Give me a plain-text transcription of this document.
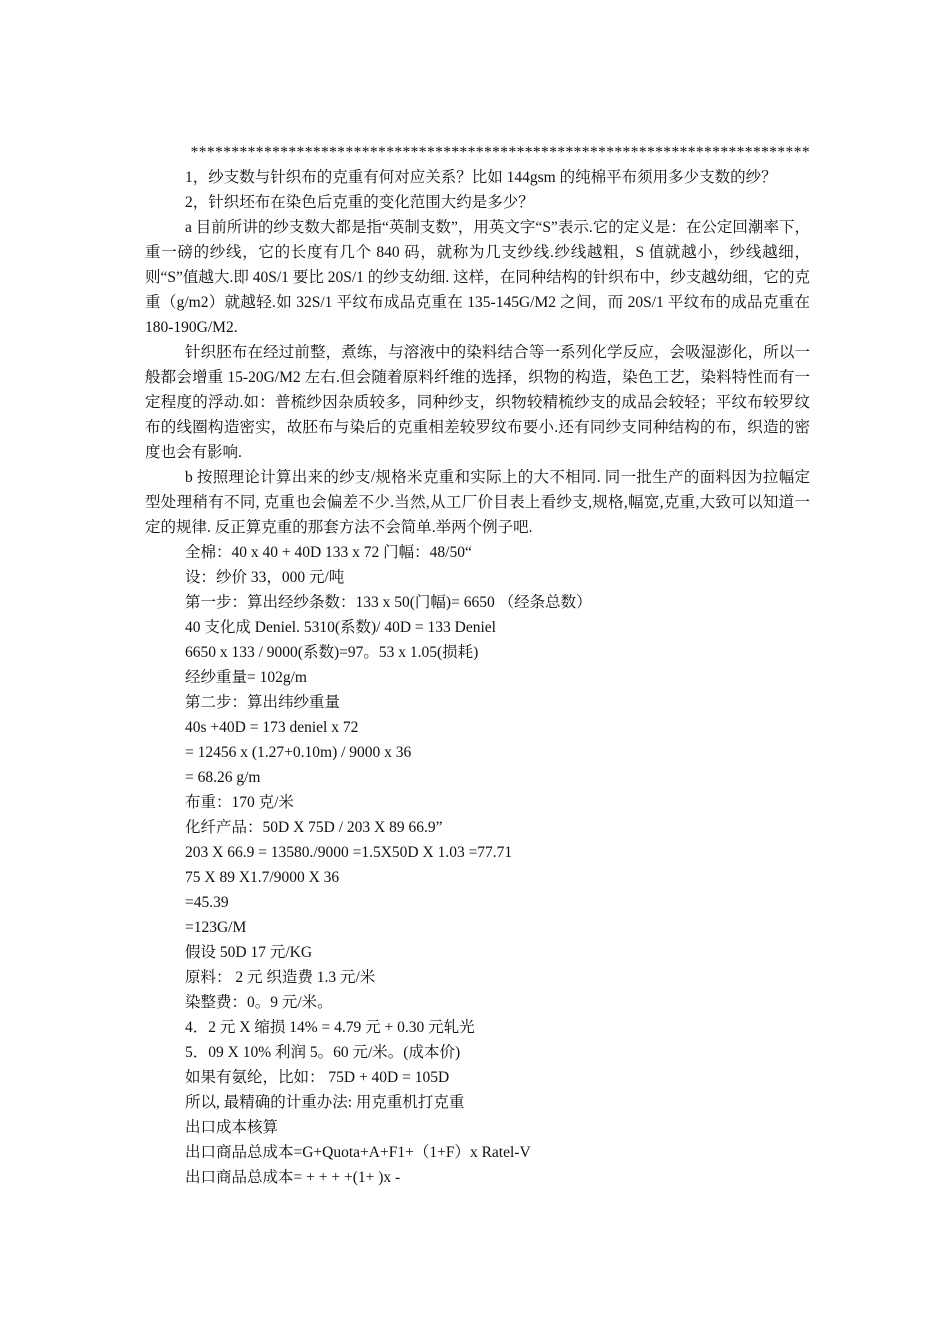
****************************************************************************

1，纱支数与针织布的克重有何对应关系？比如 144gsm 的纯棉平布须用多少支数的纱？

2，针织坯布在染色后克重的变化范围大约是多少？

a 目前所讲的纱支数大都是指“英制支数”，用英文字“S”表示.它的定义是：在公定回潮率下，重一磅的纱线，它的长度有几个 840 码，就称为几支纱线.纱线越粗，S 值就越小，纱线越细，则“S”值越大.即 40S/1 要比 20S/1 的纱支幼细. 这样，在同种结构的针织布中，纱支越幼细，它的克重（g/m2）就越轻.如 32S/1 平纹布成品克重在 135-145G/M2 之间，而 20S/1 平纹布的成品克重在 180-190G/M2.

针织胚布在经过前整，煮练，与溶液中的染料结合等一系列化学反应，会吸湿澎化，所以一般都会增重 15-20G/M2 左右.但会随着原料纤维的选择，织物的构造，染色工艺，染料特性而有一定程度的浮动.如：普梳纱因杂质较多，同种纱支，织物较精梳纱支的成品会较轻；平纹布较罗纹布的线圈构造密实，故胚布与染后的克重相差较罗纹布要小.还有同纱支同种结构的布，织造的密度也会有影响.

b 按照理论计算出来的纱支/规格米克重和实际上的大不相同. 同一批生产的面料因为拉幅定型处理稍有不同, 克重也会偏差不少.当然,从工厂价目表上看纱支,规格,幅宽,克重,大致可以知道一定的规律. 反正算克重的那套方法不会简单.举两个例子吧.

全棉：40 x 40 + 40D 133 x 72 门幅：48/50“
设：纱价 33，000 元/吨
第一步：算出经纱条数：133 x 50(门幅)= 6650 （经条总数）
40 支化成 Deniel. 5310(系数)/ 40D = 133 Deniel
6650 x 133 / 9000(系数)=97。53 x 1.05(损耗)
经纱重量= 102g/m
第二步：算出纬纱重量
40s +40D = 173 deniel x 72
= 12456 x (1.27+0.10m) / 9000 x 36
= 68.26 g/m
布重：170 克/米
化纤产品：50D X 75D / 203 X 89 66.9”
203 X 66.9 = 13580./9000 =1.5X50D X 1.03 =77.71
75 X 89 X1.7/9000 X 36
=45.39
=123G/M
假设 50D 17 元/KG
原料： 2 元 织造费 1.3 元/米
染整费：0。9 元/米。
4．2 元 X 缩损 14% = 4.79 元 + 0.30 元轧光
5．09 X 10% 利润 5。60 元/米。(成本价)
如果有氨纶，比如： 75D + 40D = 105D
所以, 最精确的计重办法: 用克重机打克重
出口成本核算
出口商品总成本=G+Quota+A+F1+（1+F）x Ratel-V
出口商品总成本= + + + +(1+ )x -
